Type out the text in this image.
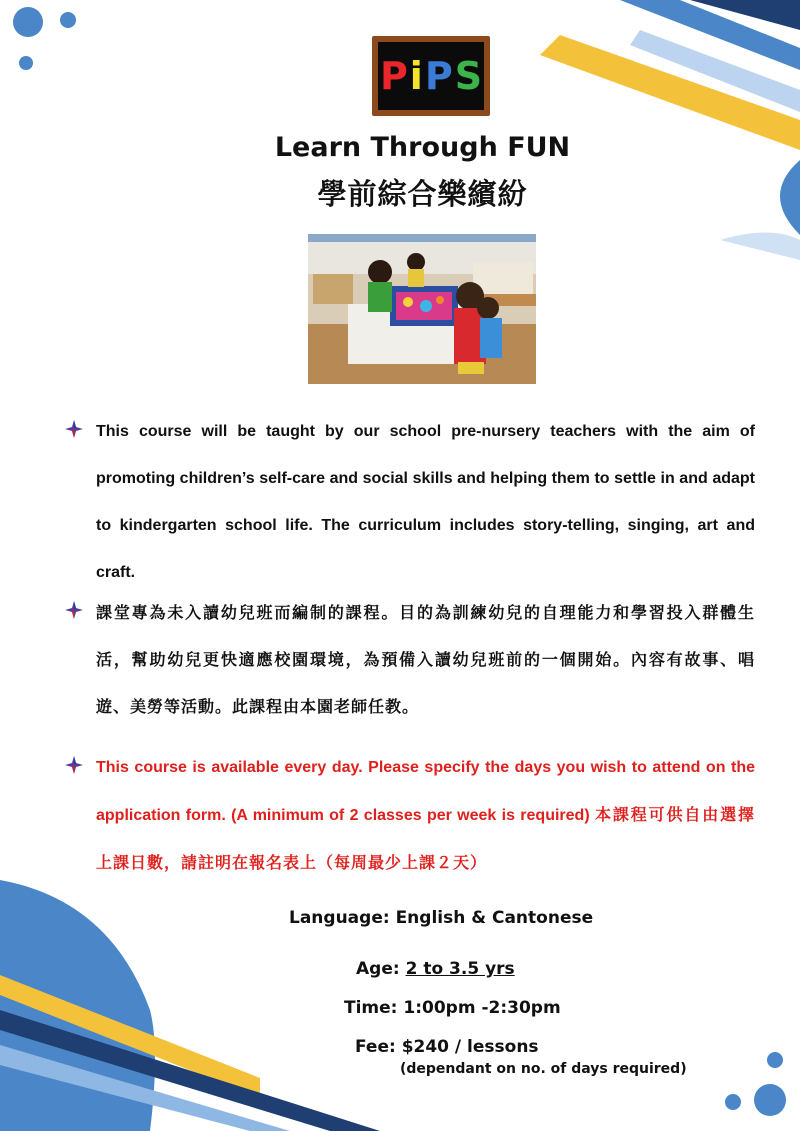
P i P S
Learn Through FUN
學前綜合樂繽紛
This course will be taught by our school pre-nursery teachers with the aim of promoting children’s self-care and social skills and helping them to settle in and adapt to kindergarten school life. The curriculum includes story-telling, singing, art and craft.
課堂專為未入讀幼兒班而編制的課程。目的為訓練幼兒的自理能力和學習投入群體生活，幫助幼兒更快適應校園環境，為預備入讀幼兒班前的一個開始。內容有故事、唱遊、美勞等活動。此課程由本園老師任教。
This course is available every day. Please specify the days you wish to attend on the application form. (A minimum of 2 classes per week is required) 本課程可供自由選擇上課日數，請註明在報名表上（每周最少上課２天）
Language: English & Cantonese
Age: 2 to 3.5 yrs
Time: 1:00pm -2:30pm
Fee: $240 / lessons
(dependant on no. of days required)
